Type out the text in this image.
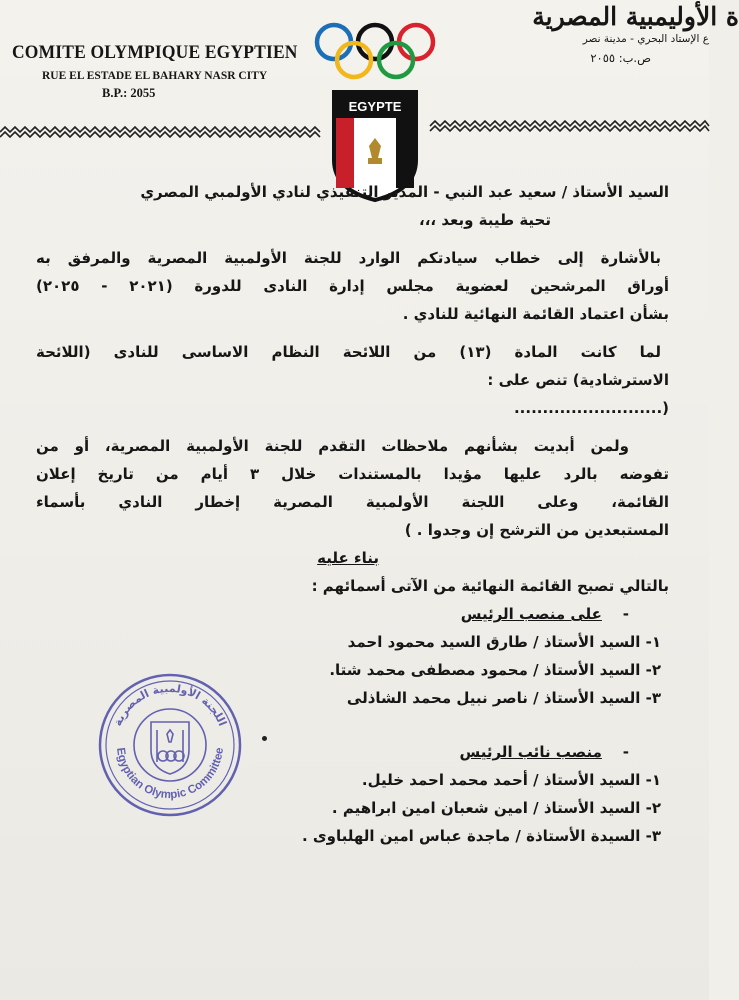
COMITE OLYMPIQUE EGYPTIEN
RUE EL ESTADE EL BAHARY NASR CITY
B.P.: 2055
ة الأوليمبية المصرية
ع الإستاد البحري - مدينة نصر
ص.ب: ٢٠٥٥
EGYPTE
السيد الأستاذ / سعيد عبد النبي - المدير التنفيذي لنادي الأولمبي المصري
تحية طيبة وبعد ،،،
بالأشارة إلى خطاب سيادتكم الوارد للجنة الأولمبية المصرية والمرفق به
أوراق المرشحين لعضوية مجلس إدارة النادى للدورة (٢٠٢١ - ٢٠٢٥)
بشأن اعتماد القائمة النهائية للنادي .
لما كانت المادة (١٣) من اللائحة النظام الاساسى للنادى (اللائحة
الاسترشادية) تنص على :
(..........................
ولمن أبديت بشأنهم ملاحظات التقدم للجنة الأولمبية المصرية، أو من
تفوضه بالرد عليها مؤيدا بالمستندات خلال ٣ أيام من تاريخ إعلان
القائمة، وعلى اللجنة الأولمبية المصرية إخطار النادي بأسماء
المستبعدين من الترشح إن وجدوا . )
بناء عليه
بالتالي تصبح القائمة النهائية من الآتى أسمائهم :
-    على منصب الرئيس
١- السيد الأستاذ / طارق السيد محمود احمد
٢- السيد الأستاذ / محمود مصطفى محمد شتا.
٣- السيد الأستاذ / ناصر نبيل محمد الشاذلى
-    منصب نائب الرئيس
١- السيد الأستاذ / أحمد محمد احمد خليل.
٢- السيد الأستاذ / امين شعبان امين ابراهيم .
٣- السيدة الأستاذة / ماجدة عباس امين الهلباوى .
Egyptian Olympic Committee
اللجنة الأولمبية المصرية
